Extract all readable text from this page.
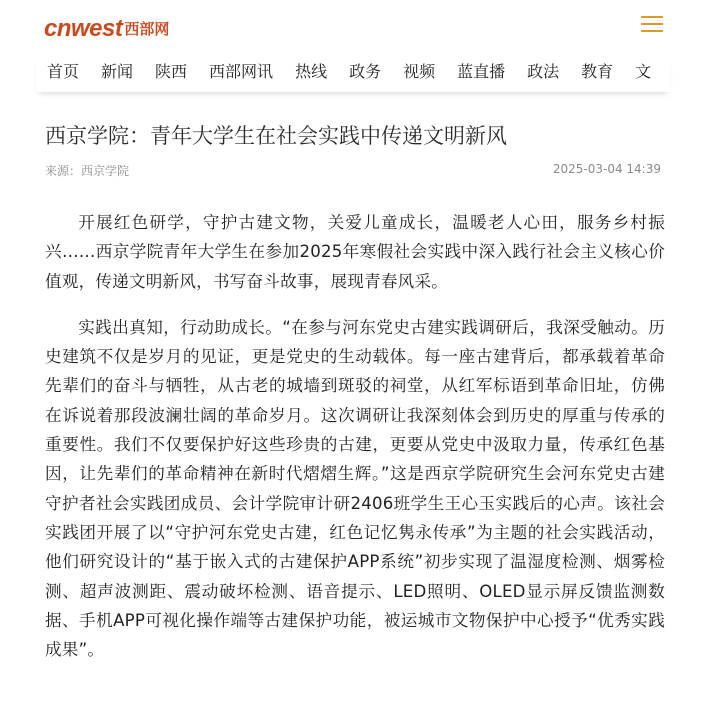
cnwest 西部网
首页 新闻 陕西 西部网讯 热线 政务 视频 蓝直播 政法 教育 文
西京学院：青年大学生在社会实践中传递文明新风
来源：西京学院	2025-03-04 14:39

开展红色研学，守护古建文物，关爱儿童成长，温暖老人心田，服务乡村振兴……西京学院青年大学生在参加2025年寒假社会实践中深入践行社会主义核心价值观，传递文明新风，书写奋斗故事，展现青春风采。

实践出真知，行动助成长。“在参与河东党史古建实践调研后，我深受触动。历史建筑不仅是岁月的见证，更是党史的生动载体。每一座古建背后，都承载着革命先辈们的奋斗与牺牲，从古老的城墙到斑驳的祠堂，从红军标语到革命旧址，仿佛在诉说着那段波澜壮阔的革命岁月。这次调研让我深刻体会到历史的厚重与传承的重要性。我们不仅要保护好这些珍贵的古建，更要从党史中汲取力量，传承红色基因，让先辈们的革命精神在新时代熠熠生辉。”这是西京学院研究生会河东党史古建守护者社会实践团成员、会计学院审计研2406班学生王心玉实践后的心声。该社会实践团开展了以“守护河东党史古建，红色记忆隽永传承”为主题的社会实践活动，他们研究设计的“基于嵌入式的古建保护APP系统”初步实现了温湿度检测、烟雾检测、超声波测距、震动破坏检测、语音提示、LED照明、OLED显示屏反馈监测数据、手机APP可视化操作端等古建保护功能，被运城市文物保护中心授予“优秀实践成果”。
